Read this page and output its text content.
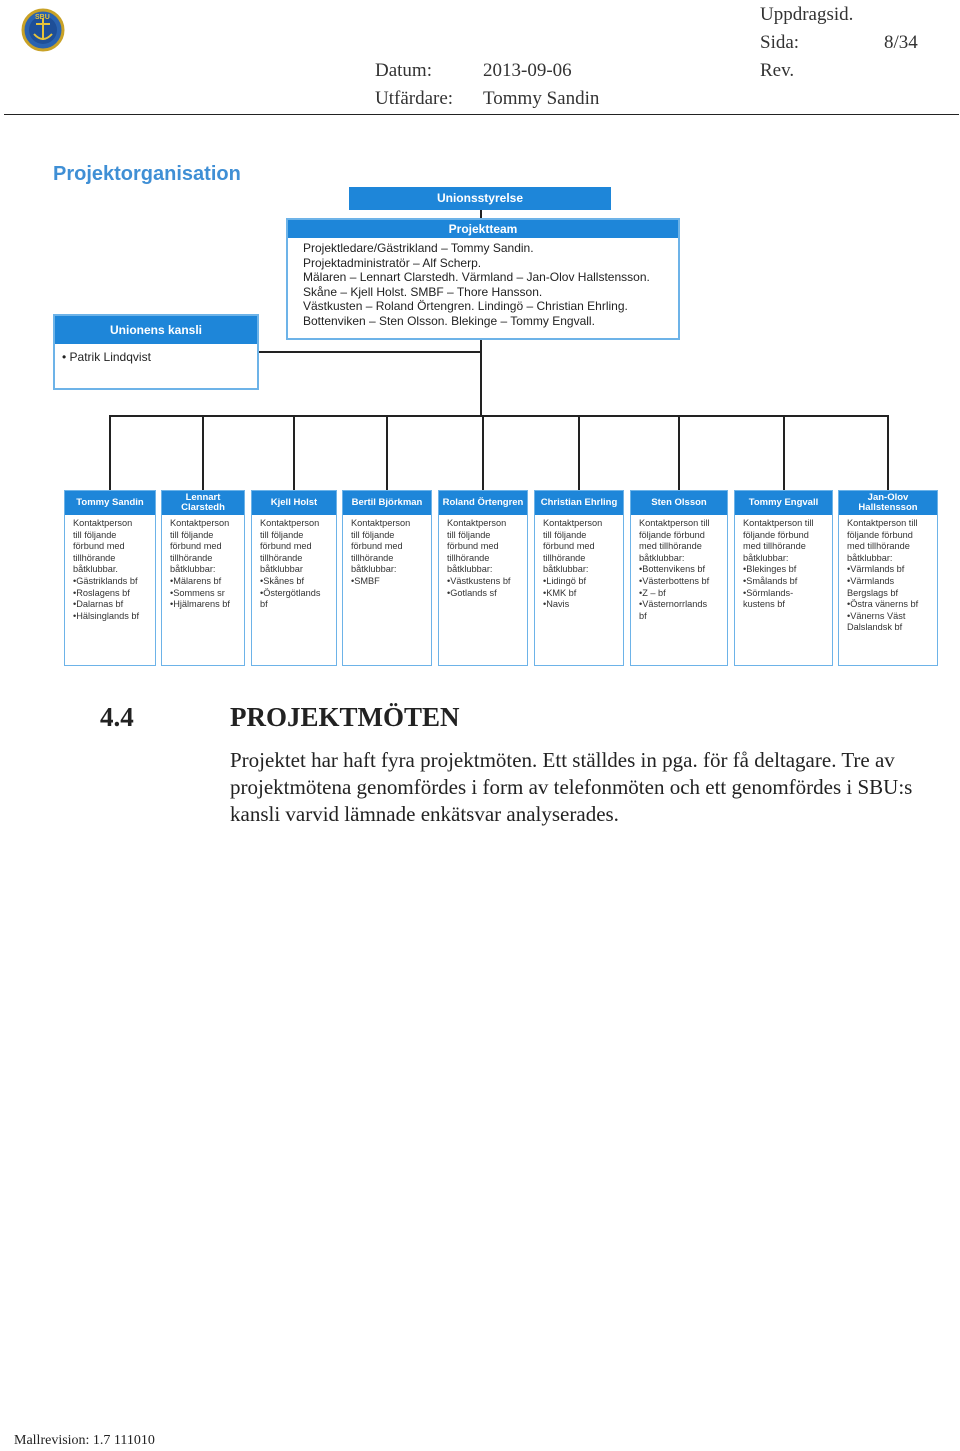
SBU	Uppdragsid.
Sida:	8/34
Datum:	2013-09-06	Rev.
Utfärdare: Tommy Sandin
Projektorganisation
Unionsstyrelse
Projektteam
Projektledare/Gästrikland – Tommy Sandin.
Projektadministratör – Alf Scherp.
Mälaren – Lennart Clarstedh. Värmland – Jan-Olov Hallstensson.
Skåne – Kjell Holst. SMBF – Thore Hansson.
Västkusten – Roland Örtengren. Lindingö – Christian Ehrling.
Bottenviken – Sten Olsson. Blekinge – Tommy Engvall.
Unionens kansli
• Patrik Lindqvist
Tommy Sandin
Kontaktperson
till följande
förbund med
tillhörande
båtklubbar.
•Gästriklands bf
•Roslagens bf
•Dalarnas bf
•Hälsinglands bf
Lennart Clarstedh
Kontaktperson
till följande
förbund med
tillhörande
båtklubbar:
•Mälarens bf
•Sommens sr
•Hjälmarens bf
Kjell Holst
Kontaktperson
till följande
förbund med
tillhörande
båtklubbar
•Skånes bf
•Östergötlands
bf
Bertil Björkman
Kontaktperson
till följande
förbund med
tillhörande
båtklubbar:
•SMBF
Roland Örtengren
Kontaktperson
till följande
förbund med
tillhörande
båtklubbar:
•Västkustens bf
•Gotlands sf
Christian Ehrling
Kontaktperson
till följande
förbund med
tillhörande
båtklubbar:
•Lidingö bf
•KMK bf
•Navis
Sten Olsson
Kontaktperson till
följande förbund
med tillhörande
båtklubbar:
•Bottenvikens bf
•Västerbottens bf
•Z – bf
•Västernorrlands
bf
Tommy Engvall
Kontaktperson till
följande förbund
med tillhörande
båtklubbar:
•Blekinges bf
•Smålands bf
•Sörmlands-
kustens bf
Jan-Olov Hallstensson
Kontaktperson till
följande förbund
med tillhörande
båtklubbar:
•Värmlands bf
•Värmlands
Bergslags bf
•Östra vänerns bf
•Vänerns Väst
Dalslandsk bf
4.4	PROJEKTMÖTEN
Projektet har haft fyra projektmöten. Ett ställdes in pga. för få deltagare. Tre av projektmötena genomfördes i form av telefonmöten och ett genomfördes i SBU:s kansli varvid lämnade enkätsvar analyserades.
Mallrevision: 1.7 111010
